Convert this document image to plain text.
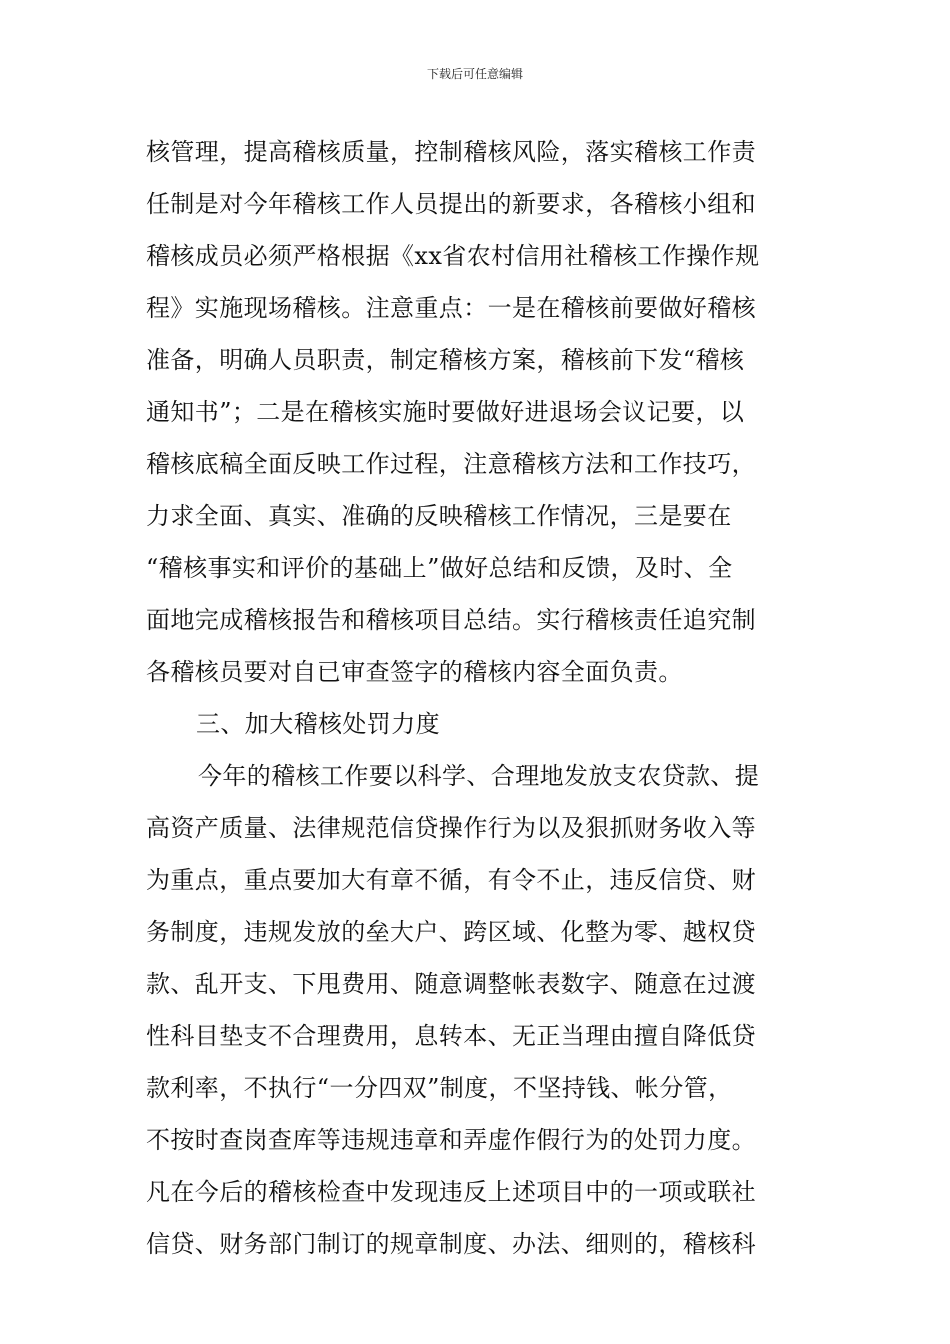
下载后可任意编辑
核管理，提高稽核质量，控制稽核风险，落实稽核工作责
任制是对今年稽核工作人员提出的新要求，各稽核小组和
稽核成员必须严格根据《xx省农村信用社稽核工作操作规
程》实施现场稽核。注意重点：一是在稽核前要做好稽核
准备，明确人员职责，制定稽核方案，稽核前下发“稽核
通知书”；二是在稽核实施时要做好进退场会议记要，以
稽核底稿全面反映工作过程，注意稽核方法和工作技巧，
力求全面、真实、准确的反映稽核工作情况，三是要在
“稽核事实和评价的基础上”做好总结和反馈，及时、全
面地完成稽核报告和稽核项目总结。实行稽核责任追究制
各稽核员要对自已审查签字的稽核内容全面负责。
三、加大稽核处罚力度
今年的稽核工作要以科学、合理地发放支农贷款、提
高资产质量、法律规范信贷操作行为以及狠抓财务收入等
为重点，重点要加大有章不循，有令不止，违反信贷、财
务制度，违规发放的垒大户、跨区域、化整为零、越权贷
款、乱开支、下甩费用、随意调整帐表数字、随意在过渡
性科目垫支不合理费用，息转本、无正当理由擅自降低贷
款利率，不执行“一分四双”制度，不坚持钱、帐分管，
不按时查岗查库等违规违章和弄虚作假行为的处罚力度。
凡在今后的稽核检查中发现违反上述项目中的一项或联社
信贷、财务部门制订的规章制度、办法、细则的，稽核科
